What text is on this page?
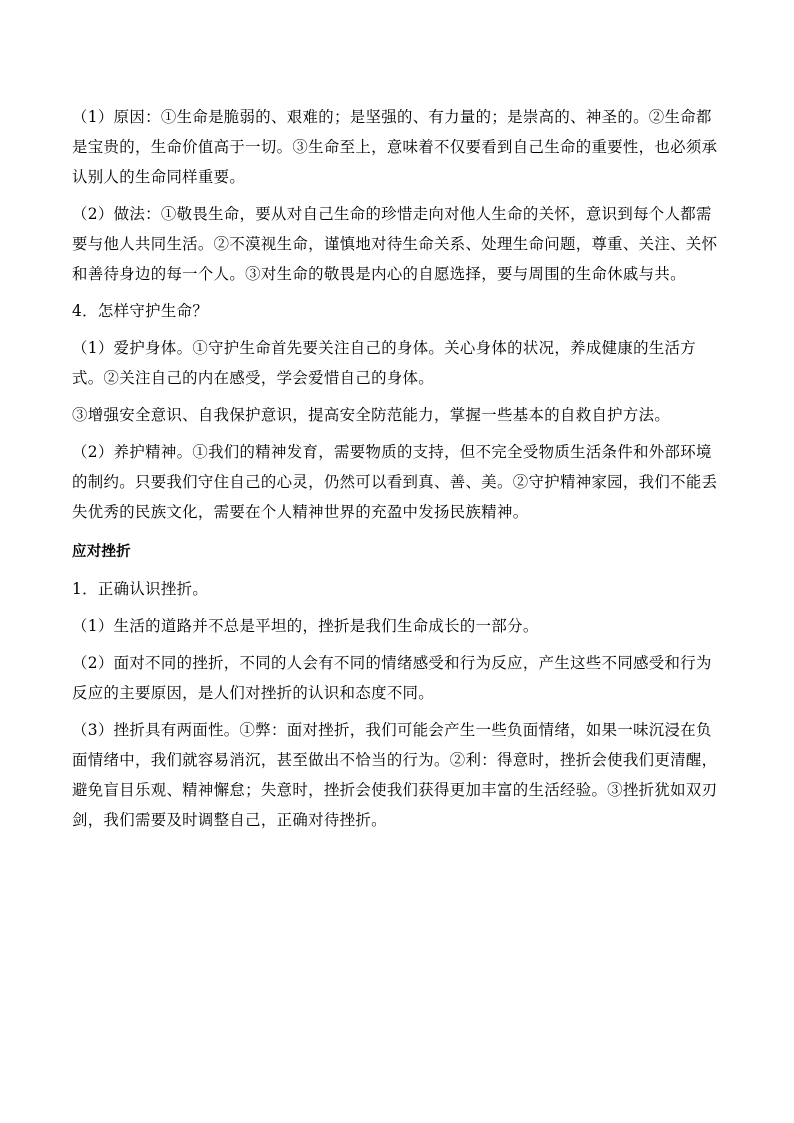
（1）原因：①生命是脆弱的、艰难的；是坚强的、有力量的；是崇高的、神圣的。②生命都是宝贵的，生命价值高于一切。③生命至上，意味着不仅要看到自己生命的重要性，也必须承认别人的生命同样重要。

（2）做法：①敬畏生命，要从对自己生命的珍惜走向对他人生命的关怀，意识到每个人都需要与他人共同生活。②不漠视生命，谨慎地对待生命关系、处理生命问题，尊重、关注、关怀和善待身边的每一个人。③对生命的敬畏是内心的自愿选择，要与周围的生命休戚与共。

4．怎样守护生命？

（1）爱护身体。①守护生命首先要关注自己的身体。关心身体的状况，养成健康的生活方式。②关注自己的内在感受，学会爱惜自己的身体。

③增强安全意识、自我保护意识，提高安全防范能力，掌握一些基本的自救自护方法。

（2）养护精神。①我们的精神发育，需要物质的支持，但不完全受物质生活条件和外部环境的制约。只要我们守住自己的心灵，仍然可以看到真、善、美。②守护精神家园，我们不能丢失优秀的民族文化，需要在个人精神世界的充盈中发扬民族精神。

应对挫折

1．正确认识挫折。

（1）生活的道路并不总是平坦的，挫折是我们生命成长的一部分。

（2）面对不同的挫折，不同的人会有不同的情绪感受和行为反应，产生这些不同感受和行为反应的主要原因，是人们对挫折的认识和态度不同。

（3）挫折具有两面性。①弊：面对挫折，我们可能会产生一些负面情绪，如果一味沉浸在负面情绪中，我们就容易消沉，甚至做出不恰当的行为。②利：得意时，挫折会使我们更清醒，避免盲目乐观、精神懈怠；失意时，挫折会使我们获得更加丰富的生活经验。③挫折犹如双刃剑，我们需要及时调整自己，正确对待挫折。
